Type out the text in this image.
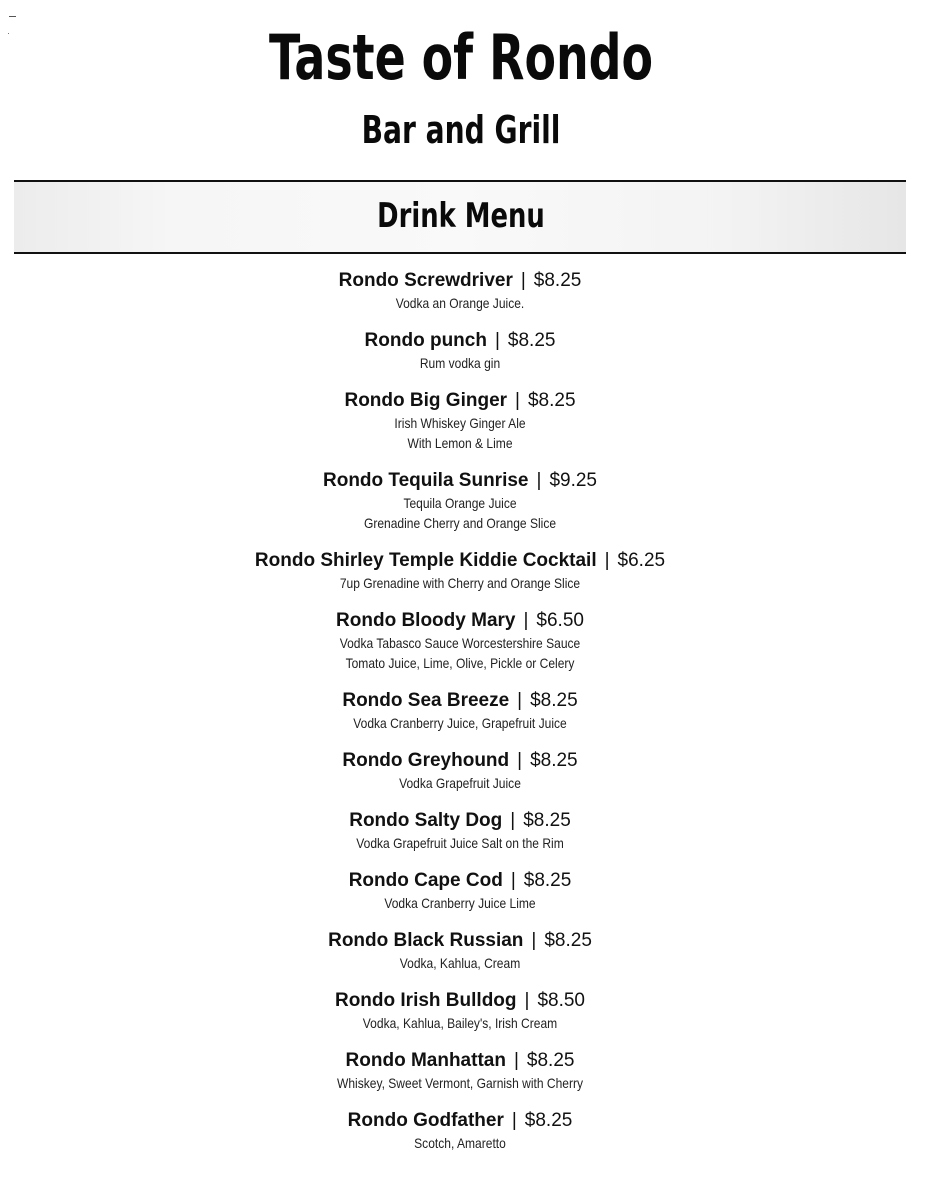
Taste of Rondo
Bar and Grill
Drink Menu
Rondo Screwdriver | $8.25
Vodka an Orange Juice.
Rondo punch | $8.25
Rum vodka gin
Rondo Big Ginger | $8.25
Irish Whiskey Ginger Ale
With Lemon & Lime
Rondo Tequila Sunrise | $9.25
Tequila Orange Juice
Grenadine Cherry and Orange Slice
Rondo Shirley Temple Kiddie Cocktail | $6.25
7up Grenadine with Cherry and Orange Slice
Rondo Bloody Mary | $6.50
Vodka Tabasco Sauce Worcestershire Sauce
Tomato Juice, Lime, Olive, Pickle or Celery
Rondo Sea Breeze | $8.25
Vodka Cranberry Juice, Grapefruit Juice
Rondo Greyhound | $8.25
Vodka Grapefruit Juice
Rondo Salty Dog | $8.25
Vodka Grapefruit Juice Salt on the Rim
Rondo Cape Cod | $8.25
Vodka Cranberry Juice Lime
Rondo Black Russian | $8.25
Vodka, Kahlua, Cream
Rondo Irish Bulldog | $8.50
Vodka, Kahlua, Bailey's, Irish Cream
Rondo Manhattan | $8.25
Whiskey, Sweet Vermont, Garnish with Cherry
Rondo Godfather | $8.25
Scotch, Amaretto
